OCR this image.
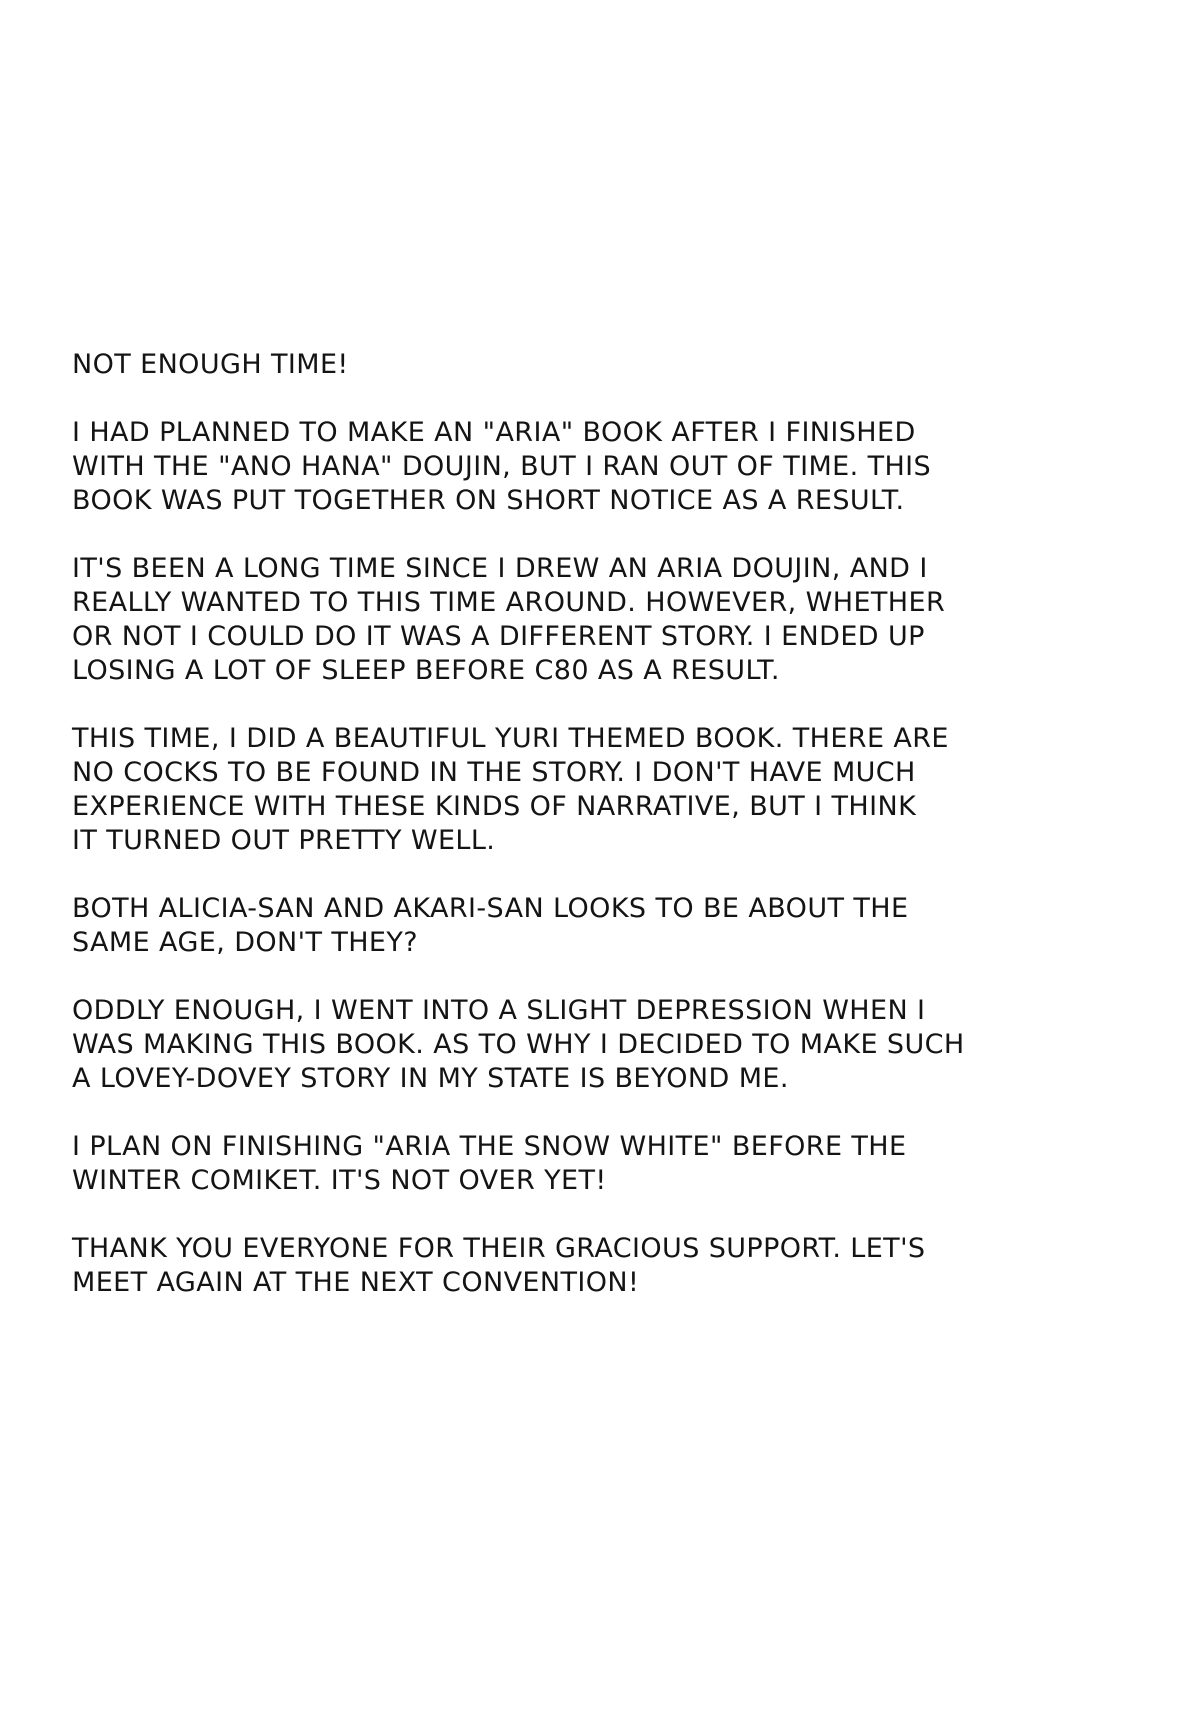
NOT ENOUGH TIME!
I HAD PLANNED TO MAKE AN "ARIA" BOOK AFTER I FINISHED
WITH THE "ANO HANA" DOUJIN, BUT I RAN OUT OF TIME. THIS
BOOK WAS PUT TOGETHER ON SHORT NOTICE AS A RESULT.
IT'S BEEN A LONG TIME SINCE I DREW AN ARIA DOUJIN, AND I
REALLY WANTED TO THIS TIME AROUND. HOWEVER, WHETHER
OR NOT I COULD DO IT WAS A DIFFERENT STORY. I ENDED UP
LOSING A LOT OF SLEEP BEFORE C80 AS A RESULT.
THIS TIME, I DID A BEAUTIFUL YURI THEMED BOOK. THERE ARE
NO COCKS TO BE FOUND IN THE STORY. I DON'T HAVE MUCH
EXPERIENCE WITH THESE KINDS OF NARRATIVE, BUT I THINK
IT TURNED OUT PRETTY WELL.
BOTH ALICIA-SAN AND AKARI-SAN LOOKS TO BE ABOUT THE
SAME AGE, DON'T THEY?
ODDLY ENOUGH, I WENT INTO A SLIGHT DEPRESSION WHEN I
WAS MAKING THIS BOOK. AS TO WHY I DECIDED TO MAKE SUCH
A LOVEY-DOVEY STORY IN MY STATE IS BEYOND ME.
I PLAN ON FINISHING "ARIA THE SNOW WHITE" BEFORE THE
WINTER COMIKET. IT'S NOT OVER YET!
THANK YOU EVERYONE FOR THEIR GRACIOUS SUPPORT. LET'S
MEET AGAIN AT THE NEXT CONVENTION!
